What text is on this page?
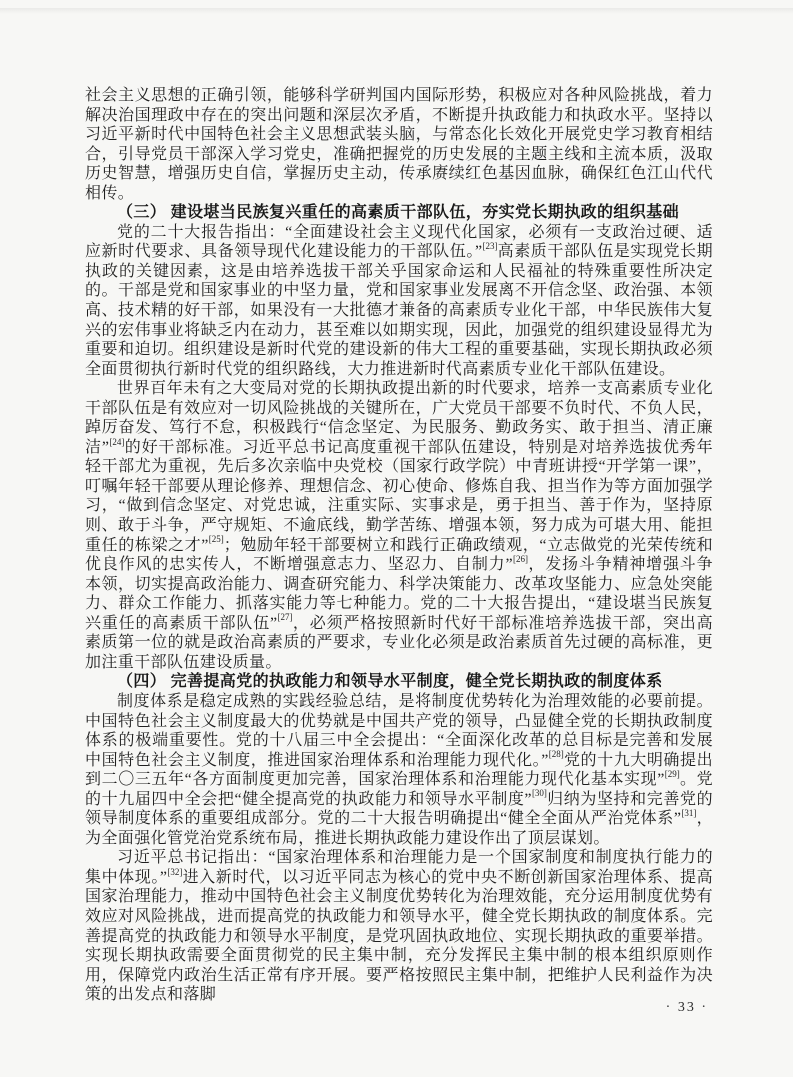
社会主义思想的正确引领，能够科学研判国内国际形势，积极应对各种风险挑战，着力解决治国理政中存在的突出问题和深层次矛盾，不断提升执政能力和执政水平。坚持以习近平新时代中国特色社会主义思想武装头脑，与常态化长效化开展党史学习教育相结合，引导党员干部深入学习党史，准确把握党的历史发展的主题主线和主流本质，汲取历史智慧，增强历史自信，掌握历史主动，传承赓续红色基因血脉，确保红色江山代代相传。

（三） 建设堪当民族复兴重任的高素质干部队伍，夯实党长期执政的组织基础

党的二十大报告指出：“全面建设社会主义现代化国家，必须有一支政治过硬、适应新时代要求、具备领导现代化建设能力的干部队伍。”[23]高素质干部队伍是实现党长期执政的关键因素，这是由培养选拔干部关乎国家命运和人民福祉的特殊重要性所决定的。干部是党和国家事业的中坚力量，党和国家事业发展离不开信念坚、政治强、本领高、技术精的好干部，如果没有一大批德才兼备的高素质专业化干部，中华民族伟大复兴的宏伟事业将缺乏内在动力，甚至难以如期实现，因此，加强党的组织建设显得尤为重要和迫切。组织建设是新时代党的建设新的伟大工程的重要基础，实现长期执政必须全面贯彻执行新时代党的组织路线，大力推进新时代高素质专业化干部队伍建设。

世界百年未有之大变局对党的长期执政提出新的时代要求，培养一支高素质专业化干部队伍是有效应对一切风险挑战的关键所在，广大党员干部要不负时代、不负人民，踔厉奋发、笃行不怠，积极践行“信念坚定、为民服务、勤政务实、敢于担当、清正廉洁”[24]的好干部标准。习近平总书记高度重视干部队伍建设，特别是对培养选拔优秀年轻干部尤为重视，先后多次亲临中央党校（国家行政学院）中青班讲授“开学第一课”，叮嘱年轻干部要从理论修养、理想信念、初心使命、修炼自我、担当作为等方面加强学习，“做到信念坚定、对党忠诚，注重实际、实事求是，勇于担当、善于作为，坚持原则、敢于斗争，严守规矩、不逾底线，勤学苦练、增强本领，努力成为可堪大用、能担重任的栋梁之才”[25]；勉励年轻干部要树立和践行正确政绩观，“立志做党的光荣传统和优良作风的忠实传人，不断增强意志力、坚忍力、自制力”[26]，发扬斗争精神增强斗争本领，切实提高政治能力、调查研究能力、科学决策能力、改革攻坚能力、应急处突能力、群众工作能力、抓落实能力等七种能力。党的二十大报告提出，“建设堪当民族复兴重任的高素质干部队伍”[27]，必须严格按照新时代好干部标准培养选拔干部，突出高素质第一位的就是政治高素质的严要求，专业化必须是政治素质首先过硬的高标准，更加注重干部队伍建设质量。

（四） 完善提高党的执政能力和领导水平制度，健全党长期执政的制度体系

制度体系是稳定成熟的实践经验总结，是将制度优势转化为治理效能的必要前提。中国特色社会主义制度最大的优势就是中国共产党的领导，凸显健全党的长期执政制度体系的极端重要性。党的十八届三中全会提出：“全面深化改革的总目标是完善和发展中国特色社会主义制度，推进国家治理体系和治理能力现代化。”[28]党的十九大明确提出到二〇三五年“各方面制度更加完善，国家治理体系和治理能力现代化基本实现”[29]。党的十九届四中全会把“健全提高党的执政能力和领导水平制度”[30]归纳为坚持和完善党的领导制度体系的重要组成部分。党的二十大报告明确提出“健全全面从严治党体系”[31]，为全面强化管党治党系统布局，推进长期执政能力建设作出了顶层谋划。

习近平总书记指出：“国家治理体系和治理能力是一个国家制度和制度执行能力的集中体现。”[32]进入新时代，以习近平同志为核心的党中央不断创新国家治理体系、提高国家治理能力，推动中国特色社会主义制度优势转化为治理效能，充分运用制度优势有效应对风险挑战，进而提高党的执政能力和领导水平，健全党长期执政的制度体系。完善提高党的执政能力和领导水平制度，是党巩固执政地位、实现长期执政的重要举措。实现长期执政需要全面贯彻党的民主集中制，充分发挥民主集中制的根本组织原则作用，保障党内政治生活正常有序开展。要严格按照民主集中制，把维护人民利益作为决策的出发点和落脚

· 33 ·
